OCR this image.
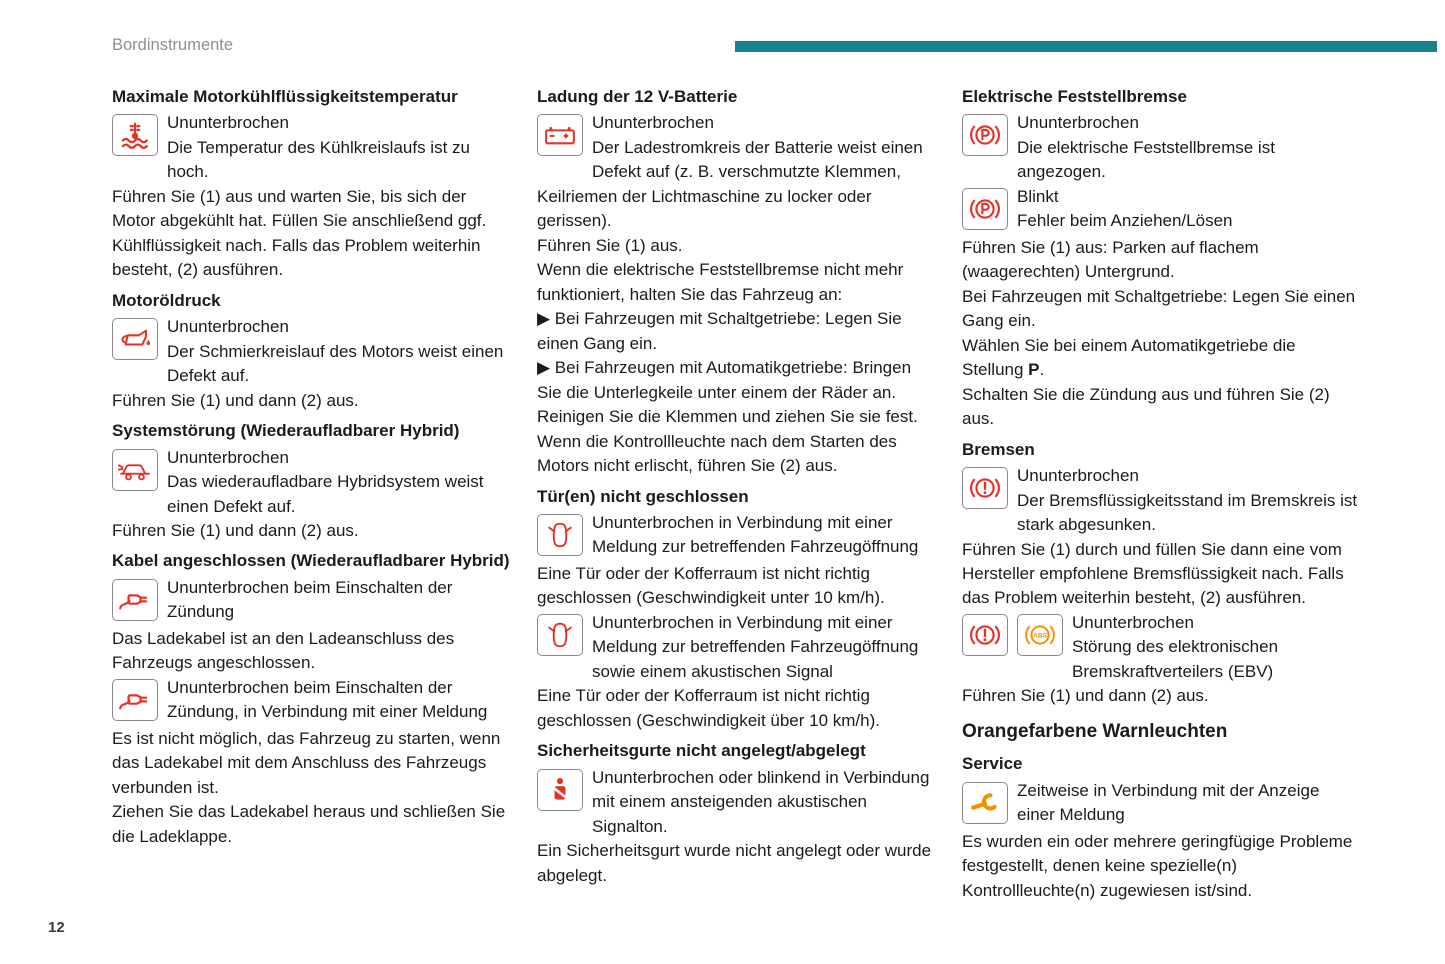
Bordinstrumente
Maximale Motorkühlflüssigkeitstemperatur
Ununterbrochen
Die Temperatur des Kühlkreislaufs ist zu hoch.

Führen Sie (1) aus und warten Sie, bis sich der Motor abgekühlt hat. Füllen Sie anschließend ggf. Kühlflüssigkeit nach. Falls das Problem weiterhin besteht, (2) ausführen.

Motoröldruck
Ununterbrochen
Der Schmierkreislauf des Motors weist einen Defekt auf.

Führen Sie (1) und dann (2) aus.

Systemstörung (Wiederaufladbarer Hybrid)
Ununterbrochen
Das wiederaufladbare Hybridsystem weist einen Defekt auf.

Führen Sie (1) und dann (2) aus.

Kabel angeschlossen (Wiederaufladbarer Hybrid)
Ununterbrochen beim Einschalten der Zündung

Das Ladekabel ist an den Ladeanschluss des Fahrzeugs angeschlossen.

Ununterbrochen beim Einschalten der Zündung, in Verbindung mit einer Meldung

Es ist nicht möglich, das Fahrzeug zu starten, wenn das Ladekabel mit dem Anschluss des Fahrzeugs verbunden ist.

Ziehen Sie das Ladekabel heraus und schließen Sie die Ladeklappe.

Ladung der 12 V-Batterie
Ununterbrochen
Der Ladestromkreis der Batterie weist einen Defekt auf (z. B. verschmutzte Klemmen, Keilriemen der Lichtmaschine zu locker oder gerissen).

Führen Sie (1) aus.

Wenn die elektrische Feststellbremse nicht mehr funktioniert, halten Sie das Fahrzeug an:

▶ Bei Fahrzeugen mit Schaltgetriebe: Legen Sie einen Gang ein.

▶ Bei Fahrzeugen mit Automatikgetriebe: Bringen Sie die Unterlegkeile unter einem der Räder an.

Reinigen Sie die Klemmen und ziehen Sie sie fest.

Wenn die Kontrollleuchte nach dem Starten des Motors nicht erlischt, führen Sie (2) aus.

Tür(en) nicht geschlossen
Ununterbrochen in Verbindung mit einer Meldung zur betreffenden Fahrzeugöffnung

Eine Tür oder der Kofferraum ist nicht richtig geschlossen (Geschwindigkeit unter 10 km/h).

Ununterbrochen in Verbindung mit einer Meldung zur betreffenden Fahrzeugöffnung sowie einem akustischen Signal

Eine Tür oder der Kofferraum ist nicht richtig geschlossen (Geschwindigkeit über 10 km/h).

Sicherheitsgurte nicht angelegt/abgelegt
Ununterbrochen oder blinkend in Verbindung mit einem ansteigenden akustischen Signalton.

Ein Sicherheitsgurt wurde nicht angelegt oder wurde abgelegt.

Elektrische Feststellbremse
Ununterbrochen
Die elektrische Feststellbremse ist angezogen.
Blinkt
Fehler beim Anziehen/Lösen

Führen Sie (1) aus: Parken auf flachem (waagerechten) Untergrund.

Bei Fahrzeugen mit Schaltgetriebe: Legen Sie einen Gang ein.

Wählen Sie bei einem Automatikgetriebe die Stellung P.

Schalten Sie die Zündung aus und führen Sie (2) aus.

Bremsen
Ununterbrochen
Der Bremsflüssigkeitsstand im Bremskreis ist stark abgesunken.

Führen Sie (1) durch und füllen Sie dann eine vom Hersteller empfohlene Bremsflüssigkeit nach. Falls das Problem weiterhin besteht, (2) ausführen.

ABS
Ununterbrochen
Störung des elektronischen Bremskraftverteilers (EBV)

Führen Sie (1) und dann (2) aus.

Orangefarbene Warnleuchten
Service
Zeitweise in Verbindung mit der Anzeige einer Meldung

Es wurden ein oder mehrere geringfügige Probleme festgestellt, denen keine spezielle(n) Kontrollleuchte(n) zugewiesen ist/sind.

12
